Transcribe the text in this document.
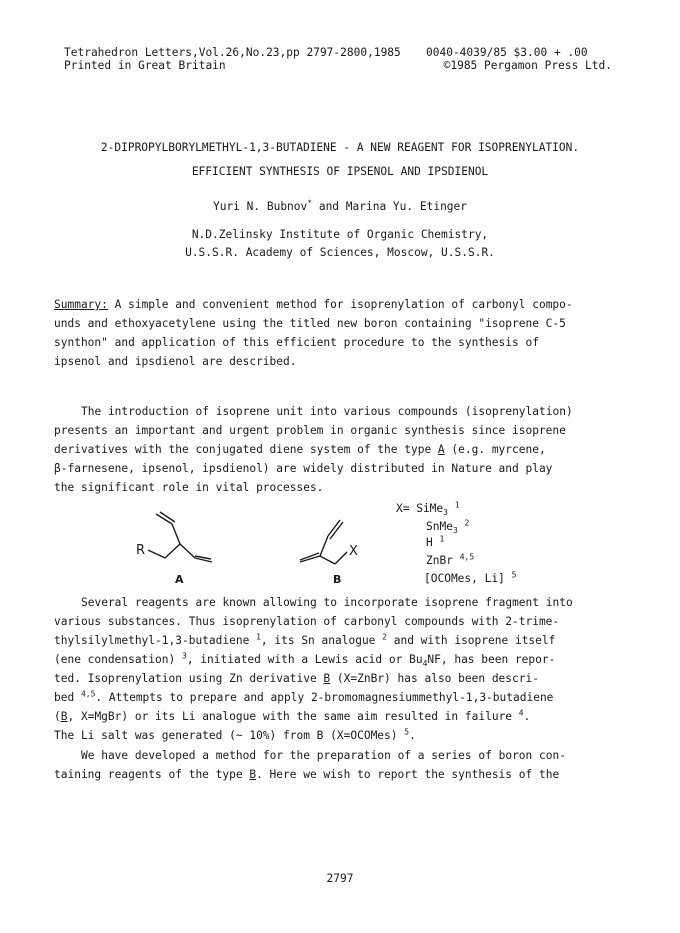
Tetrahedron Letters,Vol.26,No.23,pp 2797-2800,1985
Printed in Great Britain
0040-4039/85 $3.00 + .00
©1985 Pergamon Press Ltd.
2-DIPROPYLBORYLMETHYL-1,3-BUTADIENE - A NEW REAGENT FOR ISOPRENYLATION.
EFFICIENT SYNTHESIS OF IPSENOL AND IPSDIENOL
Yuri N. Bubnov* and Marina Yu. Etinger
N.D.Zelinsky Institute of Organic Chemistry,
U.S.S.R. Academy of Sciences, Moscow, U.S.S.R.
Summary: A simple and convenient method for isoprenylation of carbonyl compo-
unds and ethoxyacetylene using the titled new boron containing "isoprene C-5
synthon" and application of this efficient procedure to the synthesis of
ipsenol and ipsdienol are described.
The introduction of isoprene unit into various compounds (isoprenylation)
presents an important and urgent problem in organic synthesis since isoprene
derivatives with the conjugated diene system of the type A (e.g. myrcene,
β-farnesene, ipsenol, ipsdienol) are widely distributed in Nature and play
the significant role in vital processes.
R
A
X
B
X= SiMe$_3$ $^1$
SnMe$_3$ $^2$
H $^1$
ZnBr $^{4,5}$
[OCOMes, Li] $^5$
Several reagents are known allowing to incorporate isoprene fragment into
various substances. Thus isoprenylation of carbonyl compounds with 2-trime-
thylsilylmethyl-1,3-butadiene $^1$, its Sn analogue $^2$ and with isoprene itself
(ene condensation) $^3$, initiated with a Lewis acid or $Bu_4NF$, has been repor-
ted. Isoprenylation using Zn derivative B (X=ZnBr) has also been descri-
bed $^{4,5}$. Attempts to prepare and apply 2-bromomagnesiummethyl-1,3-butadiene
(B, X=MgBr) or its Li analogue with the same aim resulted in failure $^4$.
The Li salt was generated (~ 10%) from B (X=OCOMes) $^5$.
We have developed a method for the preparation of a series of boron con-
taining reagents of the type B. Here we wish to report the synthesis of the
2797
